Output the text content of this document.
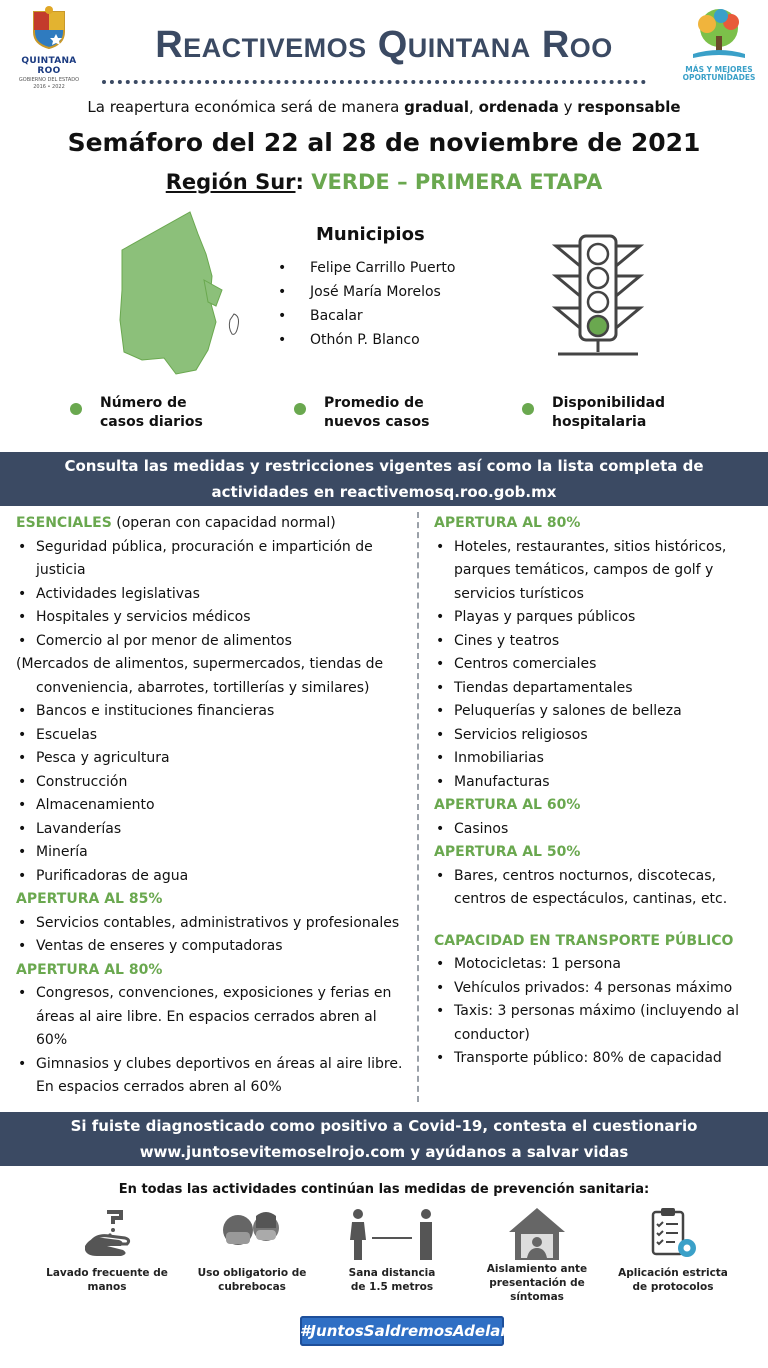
QUINTANA ROO
GOBIERNO DEL ESTADO
2016 • 2022
Reactivemos Quintana Roo
MÁS Y MEJORES
OPORTUNIDADES
La reapertura económica será de manera gradual, ordenada y responsable
Semáforo del 22 al 28 de noviembre de 2021
Región Sur: VERDE – PRIMERA ETAPA
Municipios
• Felipe Carrillo Puerto
• José María Morelos
• Bacalar
• Othón P. Blanco
Número de
casos diarios
Promedio de
nuevos casos
Disponibilidad
hospitalaria
Consulta las medidas y restricciones vigentes así como la lista completa de
actividades en reactivemosq.roo.gob.mx
ESENCIALES (operan con capacidad normal)
• Seguridad pública, procuración e impartición de justicia
• Actividades legislativas
• Hospitales y servicios médicos
• Comercio al por menor de alimentos
(Mercados de alimentos, supermercados, tiendas de
conveniencia, abarrotes, tortillerías y similares)
• Bancos e instituciones financieras
• Escuelas
• Pesca y agricultura
• Construcción
• Almacenamiento
• Lavanderías
• Minería
• Purificadoras de agua
APERTURA AL 85%
• Servicios contables, administrativos y profesionales
• Ventas de enseres y computadoras
APERTURA AL 80%
• Congresos, convenciones, exposiciones y ferias en áreas al aire libre. En espacios cerrados abren al 60%
• Gimnasios y clubes deportivos en áreas al aire libre. En espacios cerrados abren al 60%
APERTURA AL 80%
• Hoteles, restaurantes, sitios históricos, parques temáticos, campos de golf y servicios turísticos
• Playas y parques públicos
• Cines y teatros
• Centros comerciales
• Tiendas departamentales
• Peluquerías y salones de belleza
• Servicios religiosos
• Inmobiliarias
• Manufacturas
APERTURA AL 60%
• Casinos
APERTURA AL 50%
• Bares, centros nocturnos, discotecas, centros de espectáculos, cantinas, etc.
CAPACIDAD EN TRANSPORTE PÚBLICO
• Motocicletas: 1 persona
• Vehículos privados: 4 personas máximo
• Taxis: 3 personas máximo (incluyendo al conductor)
• Transporte público: 80% de capacidad
Si fuiste diagnosticado como positivo a Covid-19, contesta el cuestionario
www.juntosevitemoselrojo.com y ayúdanos a salvar vidas
En todas las actividades continúan las medidas de prevención sanitaria:
Lavado frecuente de
manos
Uso obligatorio de
cubrebocas
Sana distancia
de 1.5 metros
Aislamiento ante
presentación de
síntomas
Aplicación estricta
de protocolos
#JuntosSaldremosAdelante
